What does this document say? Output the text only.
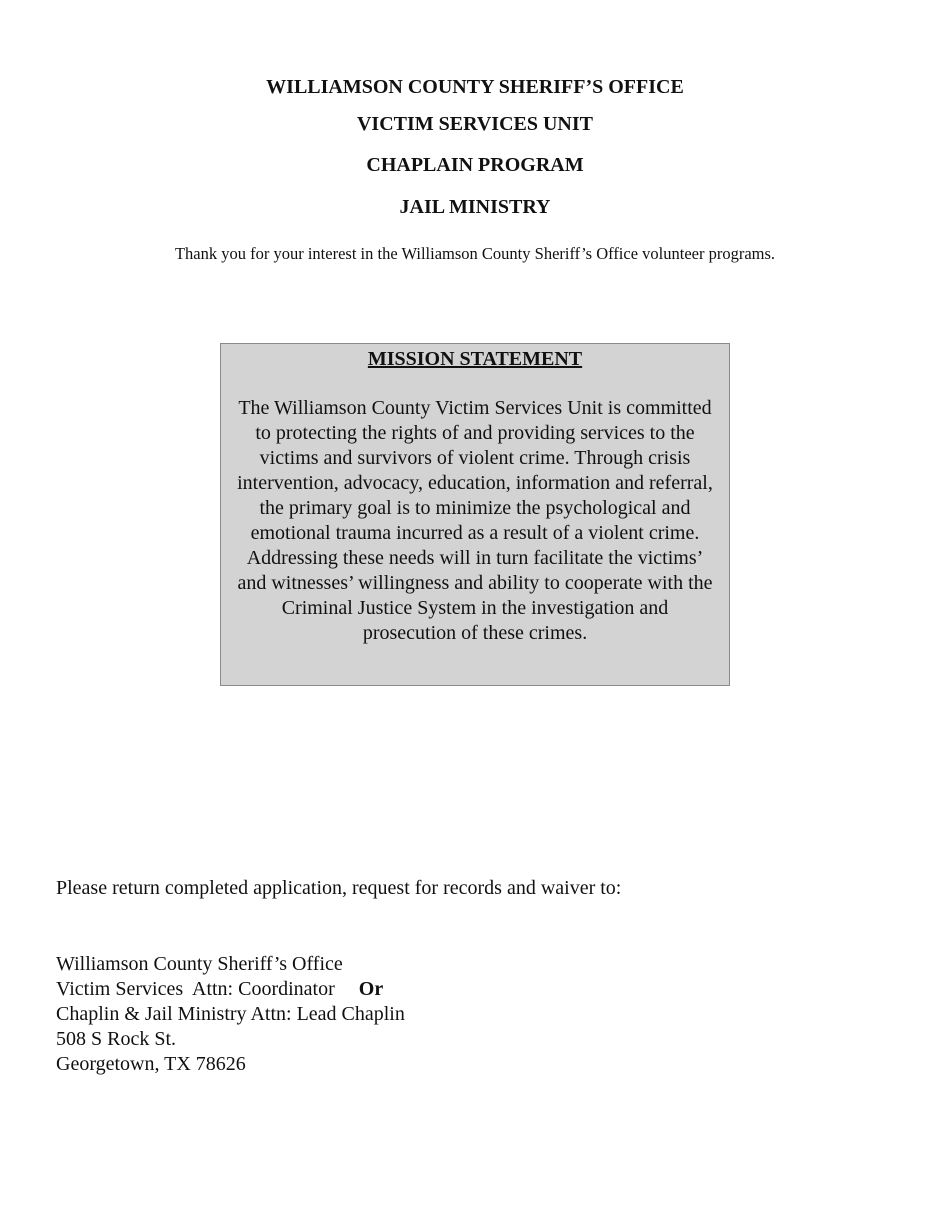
WILLIAMSON COUNTY SHERIFF’S OFFICE
VICTIM SERVICES UNIT
CHAPLAIN PROGRAM
JAIL MINISTRY

Thank you for your interest in the Williamson County Sheriff’s Office volunteer programs.

MISSION STATEMENT

The Williamson County Victim Services Unit is committed to protecting the rights of and providing services to the victims and survivors of violent crime. Through crisis intervention, advocacy, education, information and referral, the primary goal is to minimize the psychological and emotional trauma incurred as a result of a violent crime. Addressing these needs will in turn facilitate the victims’ and witnesses’ willingness and ability to cooperate with the Criminal Justice System in the investigation and prosecution of these crimes.

Please return completed application, request for records and waiver to:

Williamson County Sheriff’s Office
Victim Services  Attn: Coordinator Or
Chaplin & Jail Ministry Attn: Lead Chaplin
508 S Rock St.
Georgetown, TX 78626
